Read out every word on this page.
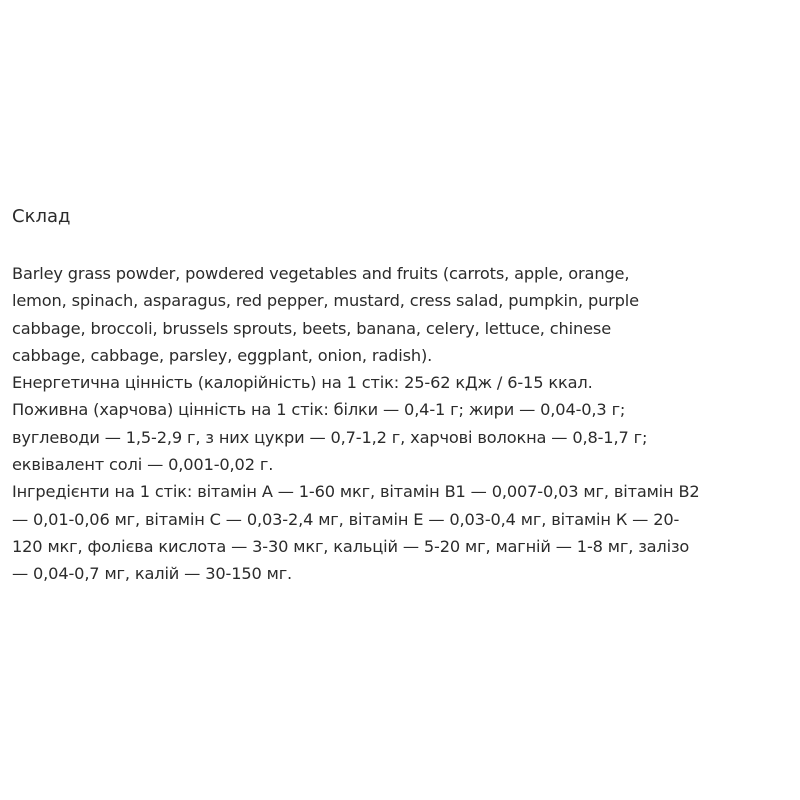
Склад
Barley grass powder, powdered vegetables and fruits (carrots, apple, orange,
lemon, spinach, asparagus, red pepper, mustard, cress salad, pumpkin, purple
cabbage, broccoli, brussels sprouts, beets, banana, celery, lettuce, chinese
cabbage, cabbage, parsley, eggplant, onion, radish).
Енергетична цінність (калорійність) на 1 стік: 25-62 кДж / 6-15 ккал.
Поживна (харчова) цінність на 1 стік: білки — 0,4-1 г; жири — 0,04-0,3 г;
вуглеводи — 1,5-2,9 г, з них цукри — 0,7-1,2 г, харчові волокна — 0,8-1,7 г;
еквівалент солі — 0,001-0,02 г.
Інгредієнти на 1 стік: вітамін А — 1-60 мкг, вітамін В1 — 0,007-0,03 мг, вітамін В2
— 0,01-0,06 мг, вітамін С — 0,03-2,4 мг, вітамін Е — 0,03-0,4 мг, вітамін К — 20-
120 мкг, фолієва кислота — 3-30 мкг, кальцій — 5-20 мг, магній — 1-8 мг, залізо
— 0,04-0,7 мг, калій — 30-150 мг.
